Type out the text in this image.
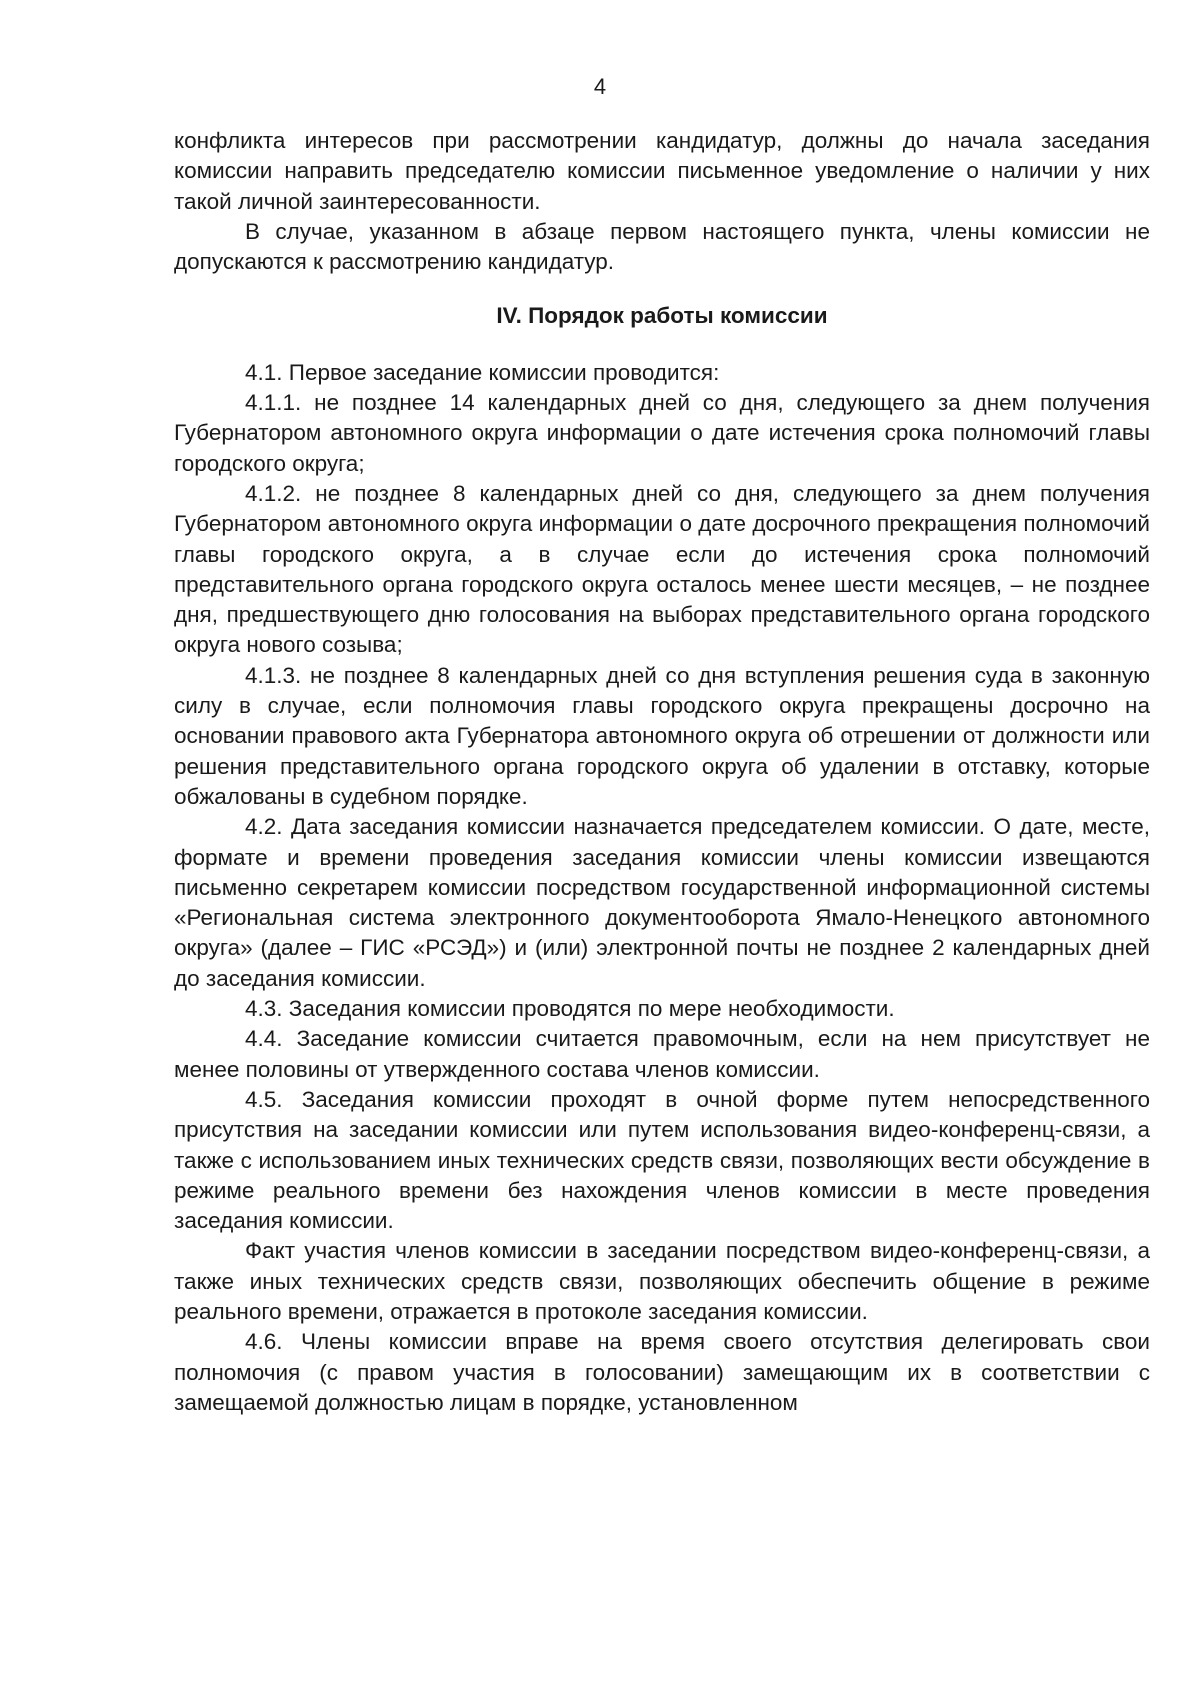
4

конфликта интересов при рассмотрении кандидатур, должны до начала заседания комиссии направить председателю комиссии письменное уведомление о наличии у них такой личной заинтересованности.

В случае, указанном в абзаце первом настоящего пункта, члены комиссии не допускаются к рассмотрению кандидатур.

IV. Порядок работы комиссии

4.1. Первое заседание комиссии проводится:

4.1.1. не позднее 14 календарных дней со дня, следующего за днем получения Губернатором автономного округа информации о дате истечения срока полномочий главы городского округа;

4.1.2. не позднее 8 календарных дней со дня, следующего за днем получения Губернатором автономного округа информации о дате досрочного прекращения полномочий главы городского округа, а в случае если до истечения срока полномочий представительного органа городского округа осталось менее шести месяцев, – не позднее дня, предшествующего дню голосования на выборах представительного органа городского округа нового созыва;

4.1.3. не позднее 8 календарных дней со дня вступления решения суда в законную силу в случае, если полномочия главы городского округа прекращены досрочно на основании правового акта Губернатора автономного округа об отрешении от должности или решения представительного органа городского округа об удалении в отставку, которые обжалованы в судебном порядке.

4.2. Дата заседания комиссии назначается председателем комиссии. О дате, месте, формате и времени проведения заседания комиссии члены комиссии извещаются письменно секретарем комиссии посредством государственной информационной системы «Региональная система электронного документооборота Ямало-Ненецкого автономного округа» (далее – ГИС «РСЭД») и (или) электронной почты не позднее 2 календарных дней до заседания комиссии.

4.3. Заседания комиссии проводятся по мере необходимости.

4.4. Заседание комиссии считается правомочным, если на нем присутствует не менее половины от утвержденного состава членов комиссии.

4.5. Заседания комиссии проходят в очной форме путем непосредственного присутствия на заседании комиссии или путем использования видео-конференц-связи, а также с использованием иных технических средств связи, позволяющих вести обсуждение в режиме реального времени без нахождения членов комиссии в месте проведения заседания комиссии.

Факт участия членов комиссии в заседании посредством видео-конференц-связи, а также иных технических средств связи, позволяющих обеспечить общение в режиме реального времени, отражается в протоколе заседания комиссии.

4.6. Члены комиссии вправе на время своего отсутствия делегировать свои полномочия (с правом участия в голосовании) замещающим их в соответствии с замещаемой должностью лицам в порядке, установленном
